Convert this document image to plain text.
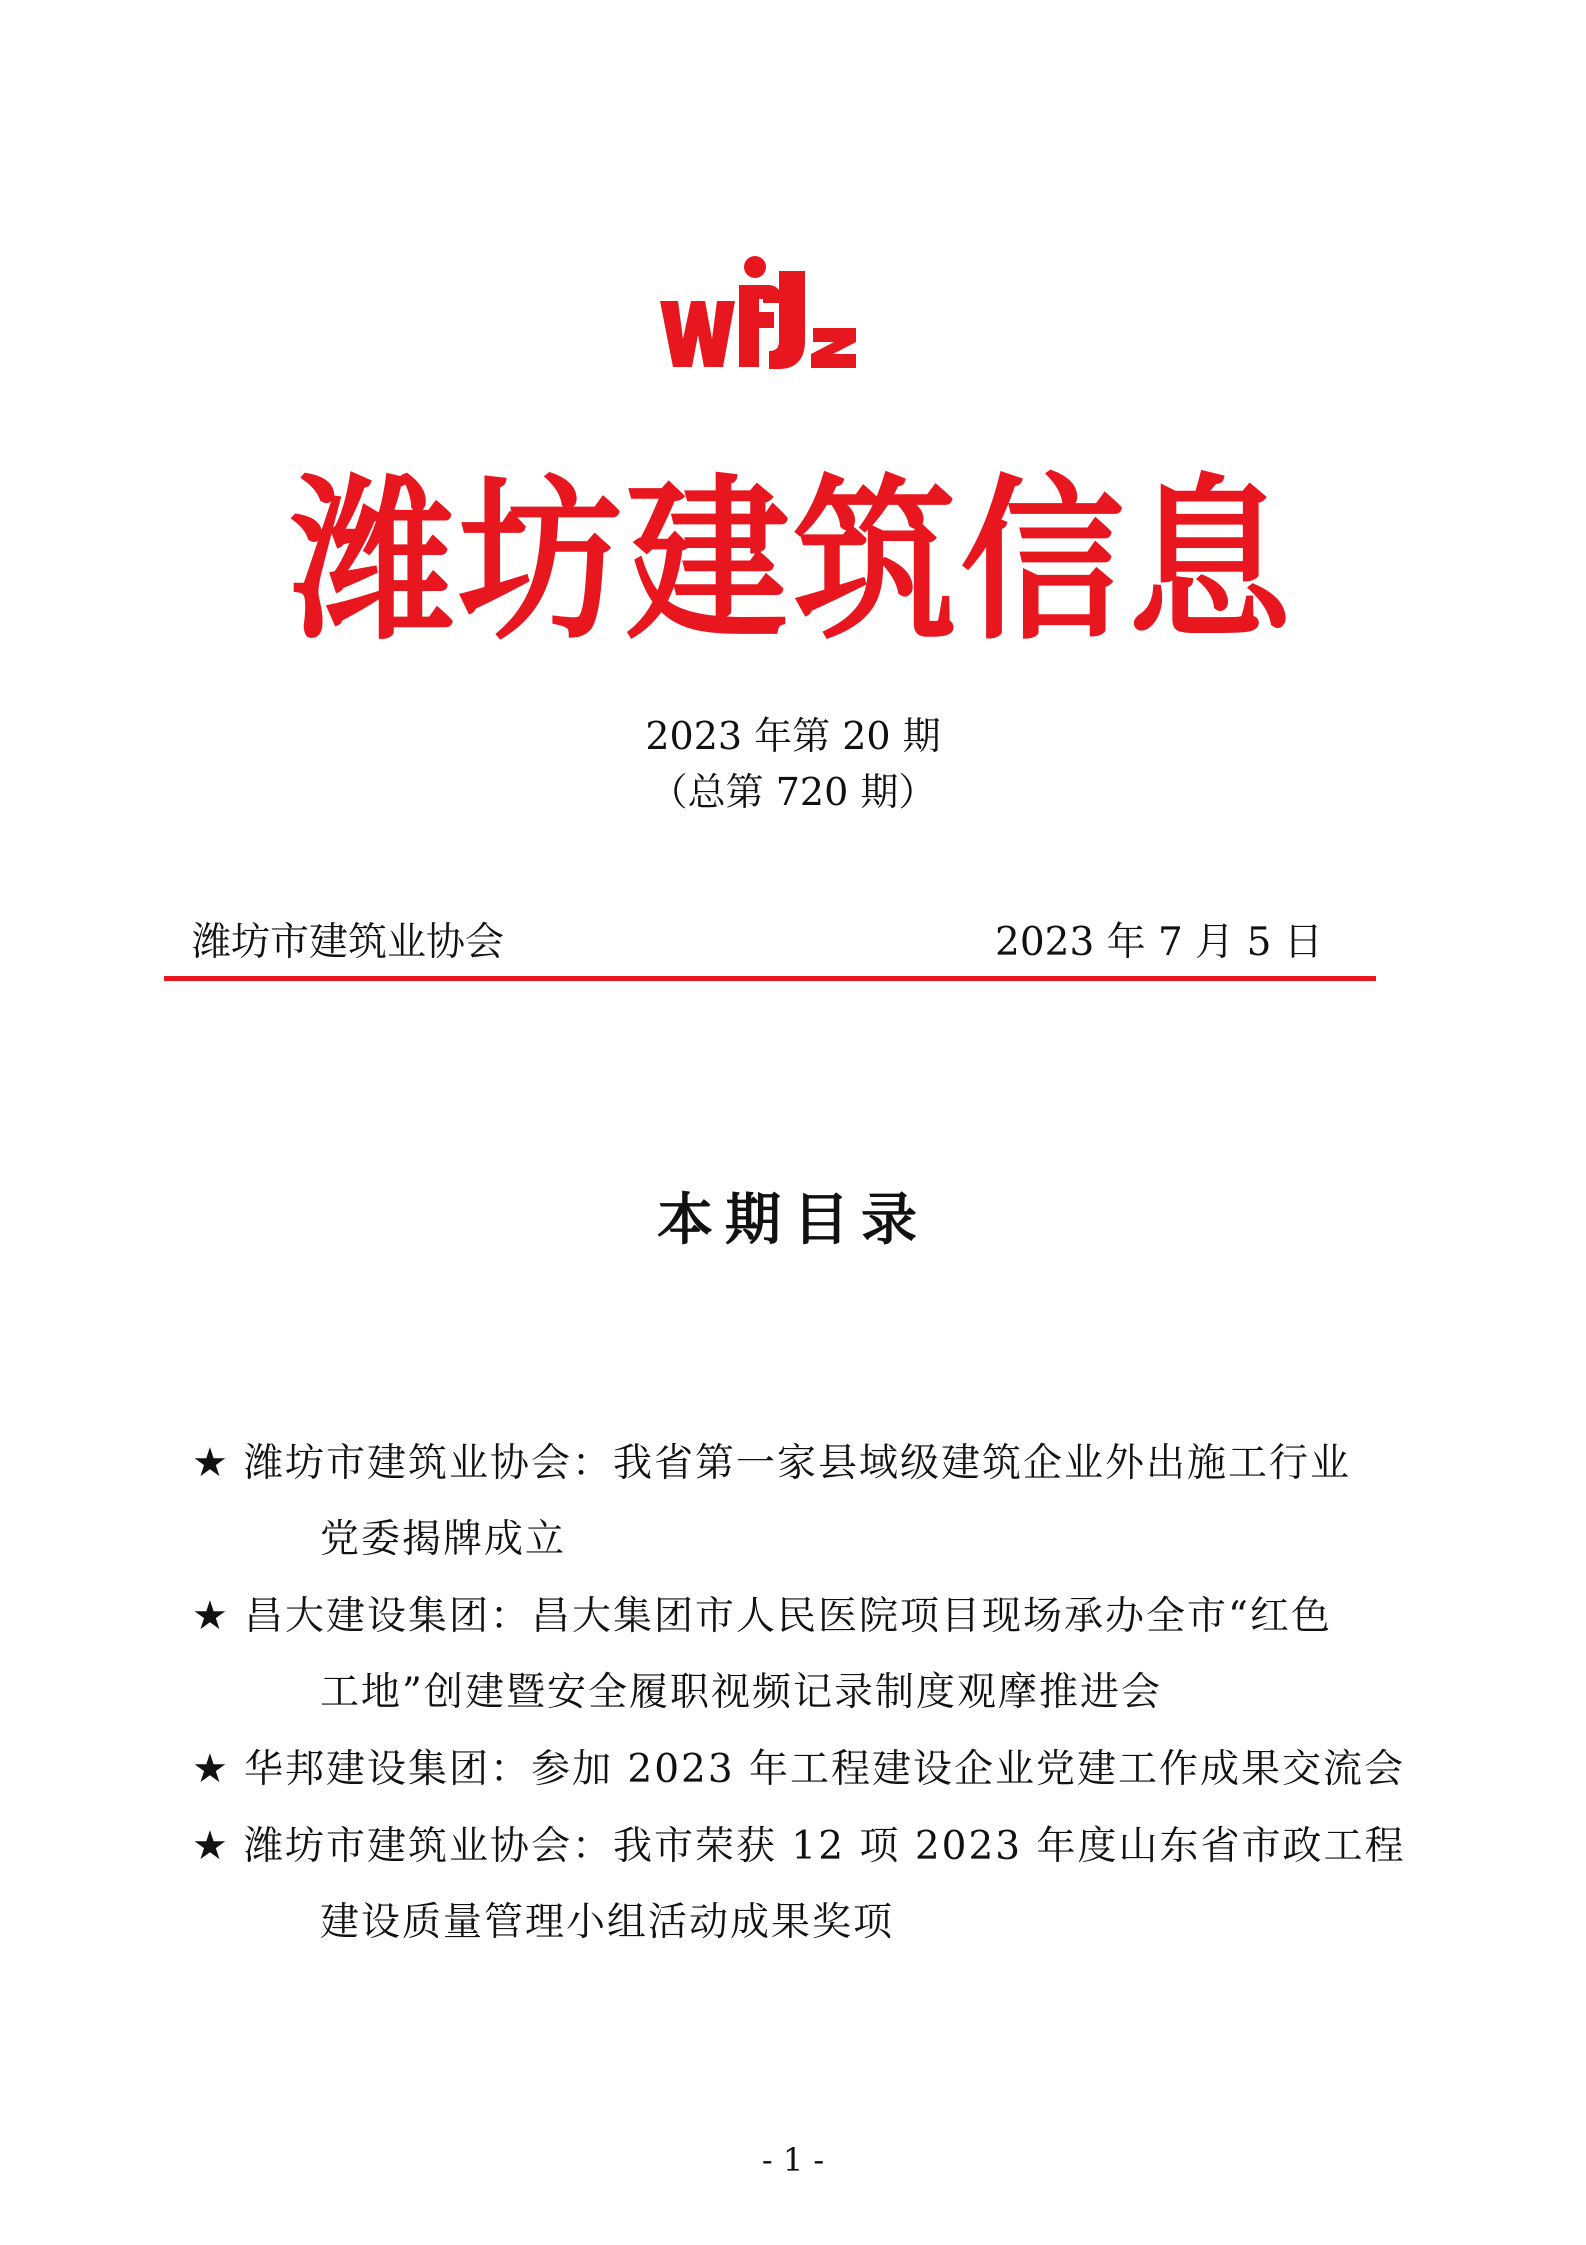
潍坊建筑信息
2023 年第 20 期
（总第 720 期）
潍坊市建筑业协会	2023 年 7 月 5 日
本期目录
★ 潍坊市建筑业协会： 我省第一家县域级建筑企业外出施工行业
党委揭牌成立
★ 昌大建设集团： 昌大集团市人民医院项目现场承办全市“红色
工地”创建暨安全履职视频记录制度观摩推进会
★ 华邦建设集团： 参加 2023 年工程建设企业党建工作成果交流会
★ 潍坊市建筑业协会： 我市荣获 12 项 2023 年度山东省市政工程
建设质量管理小组活动成果奖项
- 1 -
